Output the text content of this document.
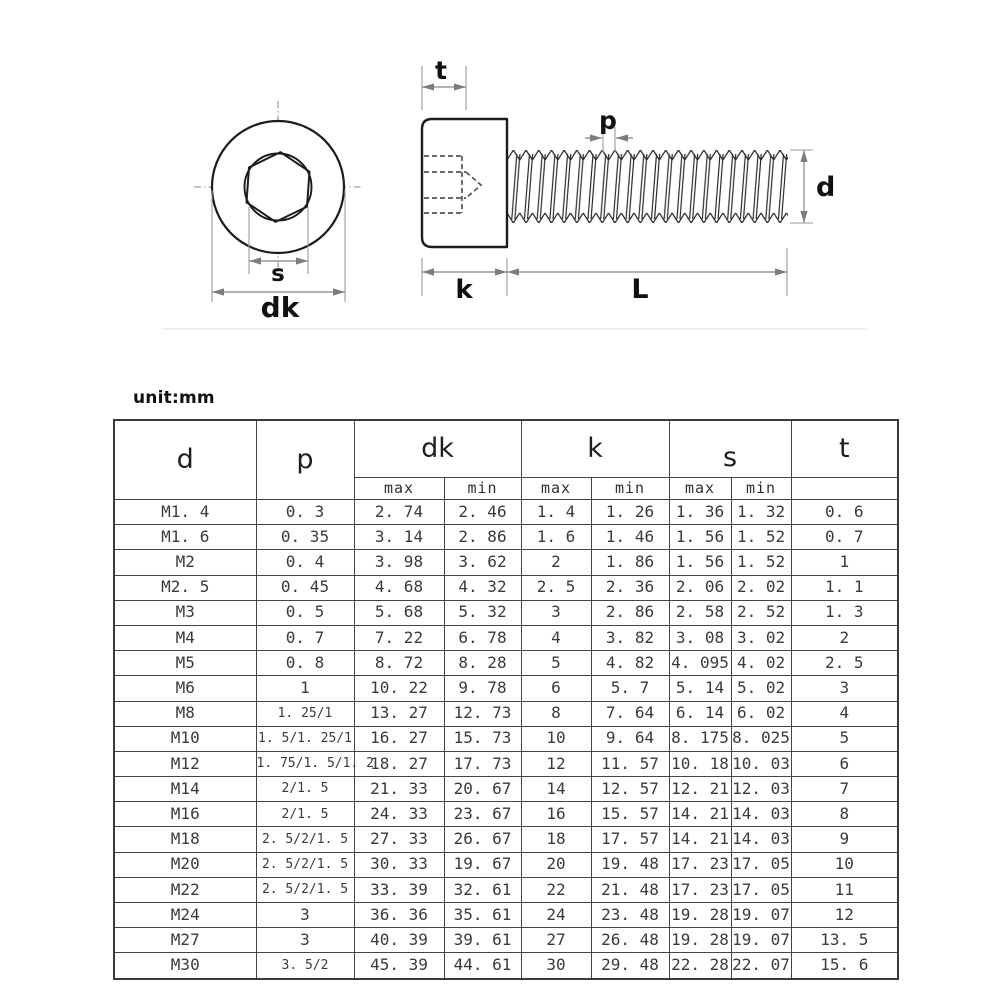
s
dk
t
p
d
k	L
unit:mm
d	p	dk		k		s		t
		max	min	max	min	max	min	
M1. 4	0. 3	2. 74	2. 46	1. 4	1. 26	1. 36	1. 32	0. 6
M1. 6	0. 35	3. 14	2. 86	1. 6	1. 46	1. 56	1. 52	0. 7
M2	0. 4	3. 98	3. 62	2	1. 86	1. 56	1. 52	1
M2. 5	0. 45	4. 68	4. 32	2. 5	2. 36	2. 06	2. 02	1. 1
M3	0. 5	5. 68	5. 32	3	2. 86	2. 58	2. 52	1. 3
M4	0. 7	7. 22	6. 78	4	3. 82	3. 08	3. 02	2
M5	0. 8	8. 72	8. 28	5	4. 82	4. 095	4. 02	2. 5
M6	1	10. 22	9. 78	6	5. 7	5. 14	5. 02	3
M8	1. 25/1	13. 27	12. 73	8	7. 64	6. 14	6. 02	4
M10	1. 5/1. 25/1	16. 27	15. 73	10	9. 64	8. 175	8. 025	5
M12	1. 75/1. 5/1. 2	18. 27	17. 73	12	11. 57	10. 18	10. 03	6
M14	2/1. 5	21. 33	20. 67	14	12. 57	12. 21	12. 03	7
M16	2/1. 5	24. 33	23. 67	16	15. 57	14. 21	14. 03	8
M18	2. 5/2/1. 5	27. 33	26. 67	18	17. 57	14. 21	14. 03	9
M20	2. 5/2/1. 5	30. 33	19. 67	20	19. 48	17. 23	17. 05	10
M22	2. 5/2/1. 5	33. 39	32. 61	22	21. 48	17. 23	17. 05	11
M24	3	36. 36	35. 61	24	23. 48	19. 28	19. 07	12
M27	3	40. 39	39. 61	27	26. 48	19. 28	19. 07	13. 5
M30	3. 5/2	45. 39	44. 61	30	29. 48	22. 28	22. 07	15. 6
